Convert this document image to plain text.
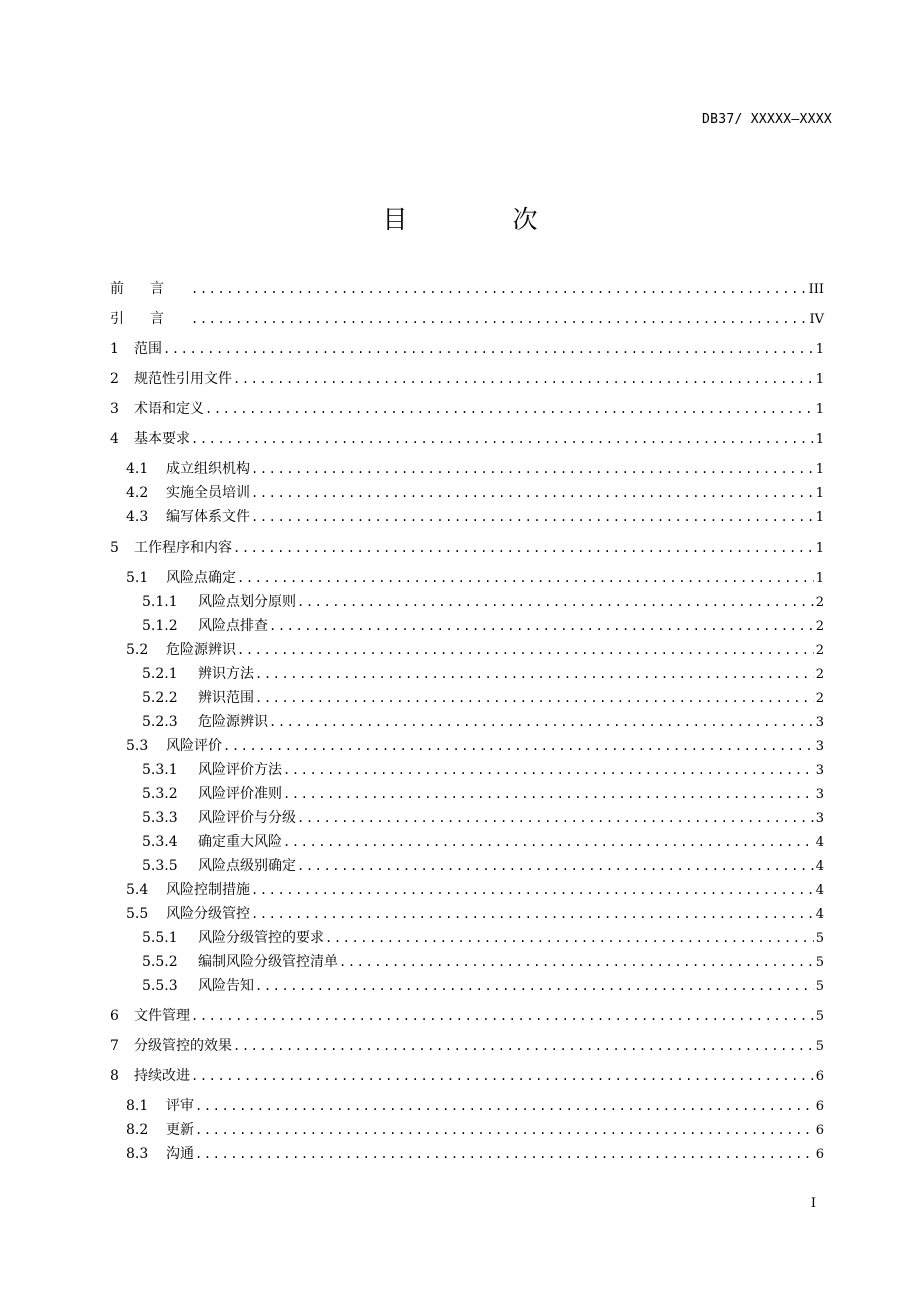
DB37/ XXXXX—XXXX
目　次
前言 .....	III
引言 .....	IV
1	范围 .....	1
2	规范性引用文件 .....	1
3	术语和定义 .....	1
4	基本要求 .....	1
4.1	成立组织机构 .....	1
4.2	实施全员培训 .....	1
4.3	编写体系文件 .....	1
5	工作程序和内容 .....	1
5.1	风险点确定 .....	1
5.1.1	风险点划分原则 .....	2
5.1.2	风险点排查 .....	2
5.2	危险源辨识 .....	2
5.2.1	辨识方法 .....	2
5.2.2	辨识范围 .....	2
5.2.3	危险源辨识 .....	3
5.3	风险评价 .....	3
5.3.1	风险评价方法 .....	3
5.3.2	风险评价准则 .....	3
5.3.3	风险评价与分级 .....	3
5.3.4	确定重大风险 .....	4
5.3.5	风险点级别确定 .....	4
5.4	风险控制措施 .....	4
5.5	风险分级管控 .....	4
5.5.1	风险分级管控的要求 .....	5
5.5.2	编制风险分级管控清单 .....	5
5.5.3	风险告知 .....	5
6	文件管理 .....	5
7	分级管控的效果 .....	5
8	持续改进 .....	6
8.1	评审 .....	6
8.2	更新 .....	6
8.3	沟通 .....	6
I
